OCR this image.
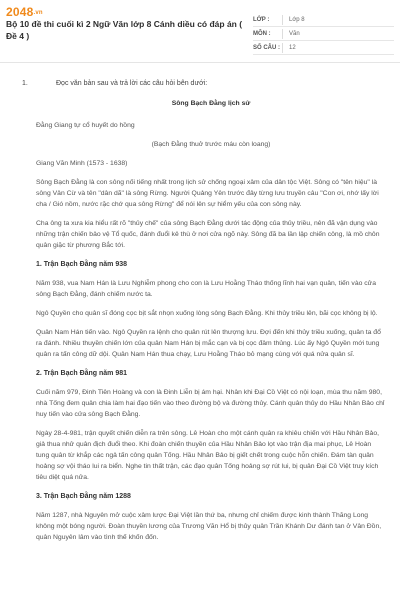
2048.vn
Bộ 10 đề thi cuối kì 2 Ngữ Văn lớp 8 Cánh diều có đáp án ( Đề 4 )
LỚP :	Lớp 8
MÔN :	Văn
SỐ CÂU :	12
1.	Đọc văn bản sau và trả lời các câu hỏi bên dưới:
Sông Bạch Đằng lịch sử

Đằng Giang tự cổ huyết do hồng

(Bạch Đằng thuở trước máu còn loang)

Giang Văn Minh (1573 - 1638)

Sông Bạch Đằng là con sông nối tiếng nhất trong lịch sử chống ngoại xâm của dân tộc Việt. Sông có "tên hiệu" là sông Vân Cừ và tên "dân dã" là sông Rừng. Người Quảng Yên trước đây từng lưu truyền câu "Con ơi, nhớ lấy lời cha / Gió nồm, nước rặc chớ qua sông Rừng" để nói lên sự hiểm yếu của con sông này.

Cha ông ta xưa kia hiểu rất rõ "thủy chế" của sông Bạch Đằng dưới tác động của thủy triều, nên đã vận dụng vào những trận chiến bảo vệ Tổ quốc, đánh đuổi kẻ thù ở nơi cửa ngõ này. Sông đã ba lần lập chiến công, là mồ chôn quân giặc từ phương Bắc tới.

1. Trận Bạch Đằng năm 938

Năm 938, vua Nam Hán là Lưu Nghiễm phong cho con là Lưu Hoằng Tháo thống lĩnh hai vạn quân, tiến vào cửa sông Bạch Đằng, đánh chiếm nước ta.

Ngô Quyền cho quân sĩ đóng cọc bịt sắt nhọn xuống lòng sông Bạch Đằng. Khi thủy triều lên, bãi cọc không bị lộ.

Quân Nam Hán tiến vào. Ngô Quyền ra lệnh cho quân rút lên thượng lưu. Đợi đến khi thủy triều xuống, quân ta đổ ra đánh. Nhiều thuyền chiến lớn của quân Nam Hán bị mắc cạn và bị cọc đâm thủng. Lúc ấy Ngô Quyền mới tung quân ra tấn công dữ dội. Quân Nam Hán thua chạy, Lưu Hoằng Tháo bỏ mạng cùng với quá nửa quân sĩ.

2. Trận Bạch Đằng năm 981

Cuối năm 979, Đinh Tiên Hoàng và con là Đinh Liễn bị ám hại. Nhân khi Đại Cồ Việt có nội loạn, mùa thu năm 980, nhà Tống đem quân chia làm hai đạo tiến vào theo đường bộ và đường thủy. Cánh quân thủy do Hầu Nhân Bảo chỉ huy tiến vào cửa sông Bạch Đằng.

Ngày 28-4-981, trận quyết chiến diễn ra trên sông. Lê Hoàn cho một cánh quân ra khiêu chiến với Hầu Nhân Bảo, giả thua nhử quân địch đuổi theo. Khi đoàn chiến thuyền của Hầu Nhân Bảo lọt vào trận địa mai phục, Lê Hoàn tung quân từ khắp các ngả tấn công quân Tống. Hầu Nhân Bảo bị giết chết trong cuộc hỗn chiến. Đám tàn quân hoảng sợ vội tháo lui ra biển. Nghe tin thất trận, các đạo quân Tống hoảng sợ rút lui, bị quân Đại Cồ Việt truy kích tiêu diệt quá nửa.

3. Trận Bạch Đằng năm 1288

Năm 1287, nhà Nguyên mở cuộc xâm lược Đại Việt lần thứ ba, nhưng chỉ chiếm được kinh thành Thăng Long không một bóng người. Đoàn thuyền lương của Trương Văn Hổ bị thủy quân Trần Khánh Dư đánh tan ở Vân Đồn, quân Nguyên lâm vào tình thế khốn đốn.
